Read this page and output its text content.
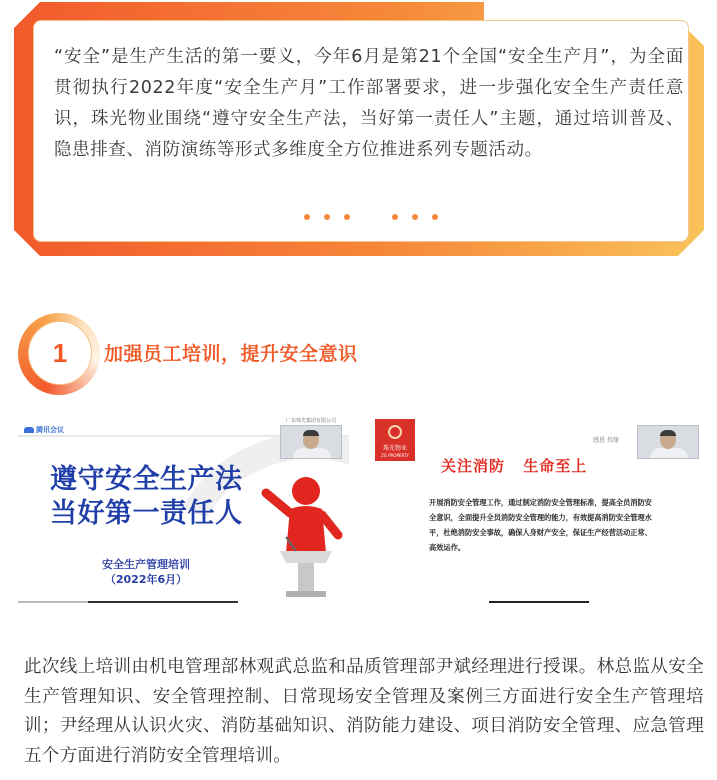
“安全”是生产生活的第一要义，今年6月是第21个全国“安全生产月”，为全面贯彻执行2022年度“安全生产月”工作部署要求，进一步强化安全生产责任意识，珠光物业围绕“遵守安全生产法，当好第一责任人”主题，通过培训普及、隐患排查、消防演练等形式多维度全方位推进系列专题活动。

1 加强员工培训，提升安全意识
腾讯会议
遵守安全生产法
当好第一责任人
安全生产管理培训
（2022年6月）
广东珠光集团有限公司
珠光物业
ZG PROPERTY
感恩 投缘
关注消防 生命至上

开展消防安全管理工作，通过制定消防安全管理标准，提高全员消防安全意识，全面提升全员消防安全管理的能力，有效提高消防安全管理水平，杜绝消防安全事故，确保人身财产安全，保证生产经营活动正常、高效运作。

此次线上培训由机电管理部林观武总监和品质管理部尹斌经理进行授课。林总监从安全生产管理知识、安全管理控制、日常现场安全管理及案例三方面进行安全生产管理培训；尹经理从认识火灾、消防基础知识、消防能力建设、项目消防安全管理、应急管理五个方面进行消防安全管理培训。
